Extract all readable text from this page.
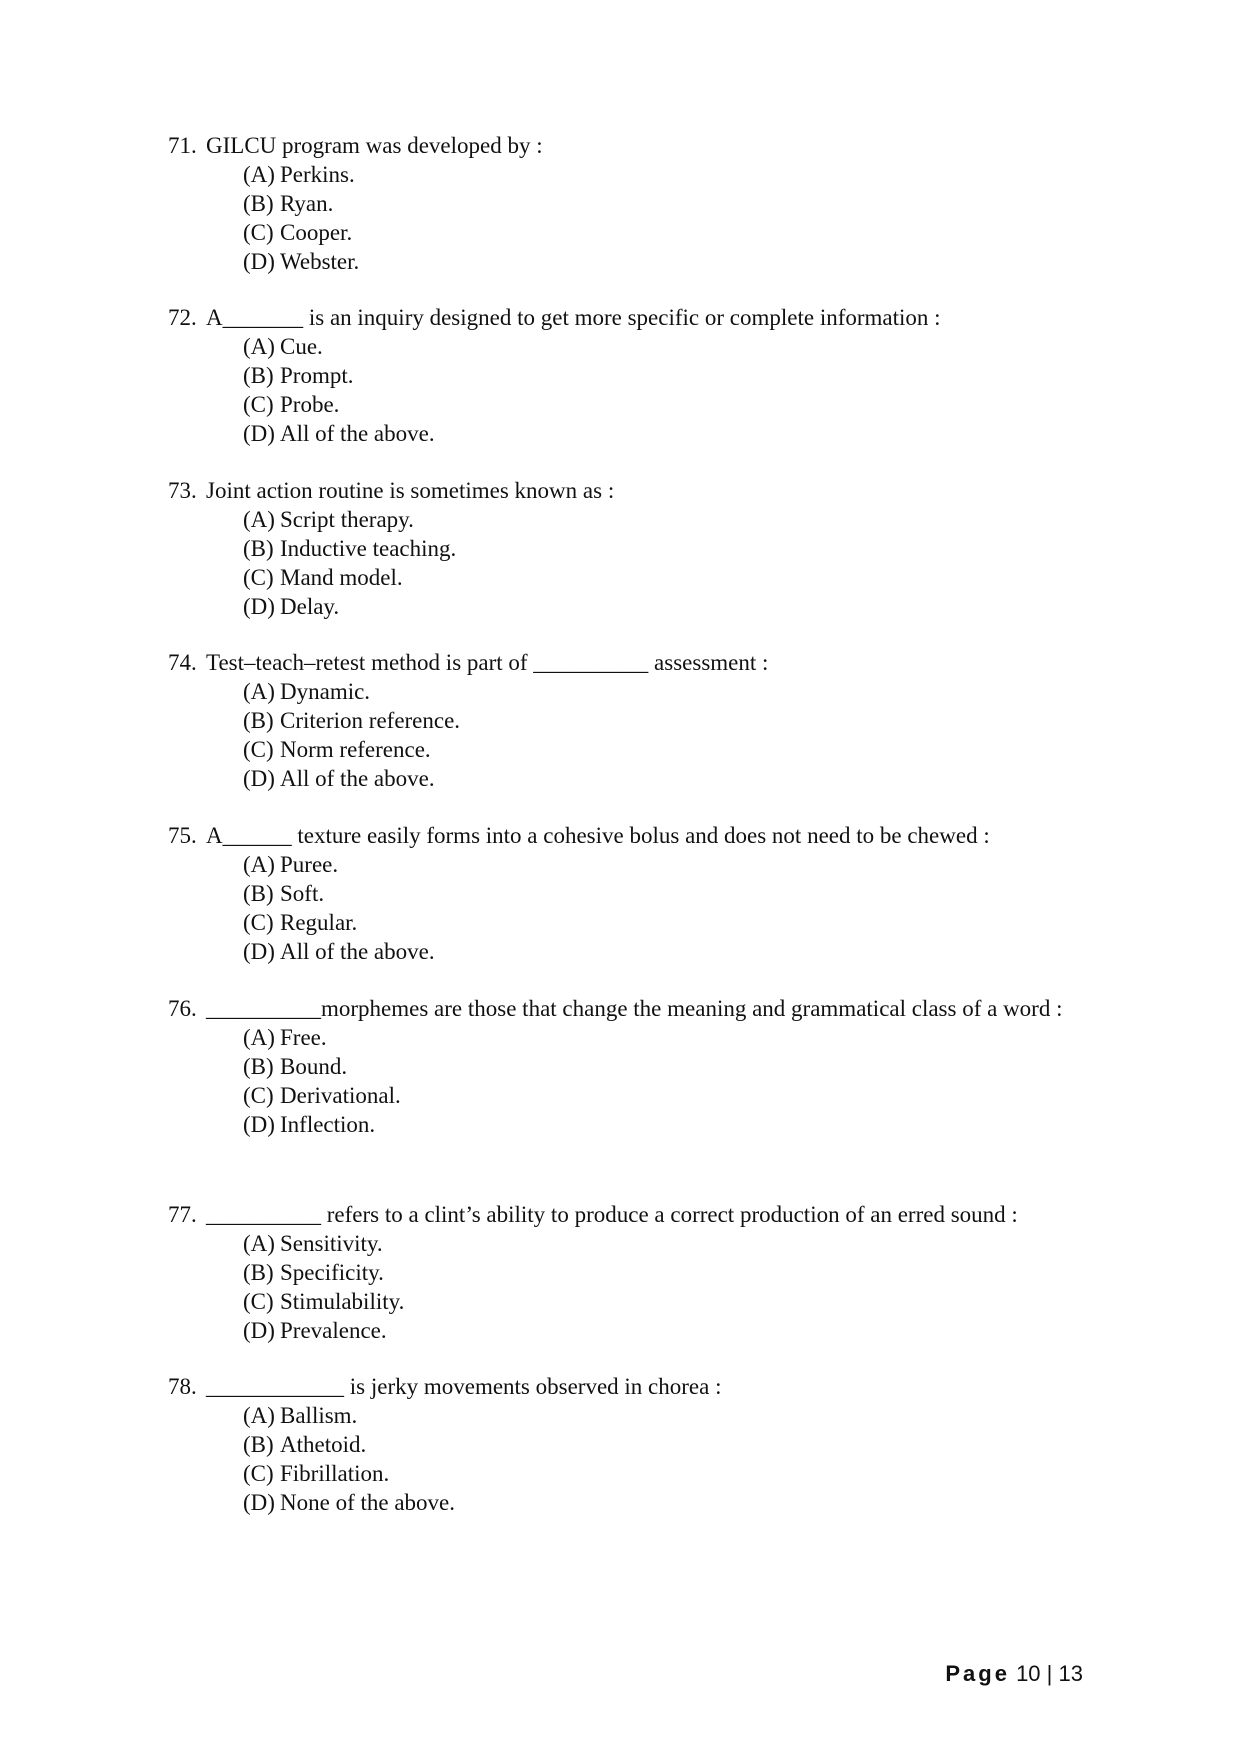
71. GILCU program was developed by :
(A) Perkins.
(B) Ryan.
(C) Cooper.
(D) Webster.
72. A_______ is an inquiry designed to get more specific or complete information :
(A) Cue.
(B) Prompt.
(C) Probe.
(D) All of the above.
73. Joint action routine is sometimes known as :
(A) Script therapy.
(B) Inductive teaching.
(C) Mand model.
(D) Delay.
74. Test–teach–retest method is part of __________ assessment :
(A) Dynamic.
(B) Criterion reference.
(C) Norm reference.
(D) All of the above.
75. A______ texture easily forms into a cohesive bolus and does not need to be chewed :
(A) Puree.
(B) Soft.
(C) Regular.
(D) All of the above.
76. __________morphemes are those that change the meaning and grammatical class of a word :
(A) Free.
(B) Bound.
(C) Derivational.
(D) Inflection.
77. __________ refers to a clint’s ability to produce a correct production of an erred sound :
(A) Sensitivity.
(B) Specificity.
(C) Stimulability.
(D) Prevalence.
78. ____________ is jerky movements observed in chorea :
(A) Ballism.
(B) Athetoid.
(C) Fibrillation.
(D) None of the above.
Page 10 | 13
